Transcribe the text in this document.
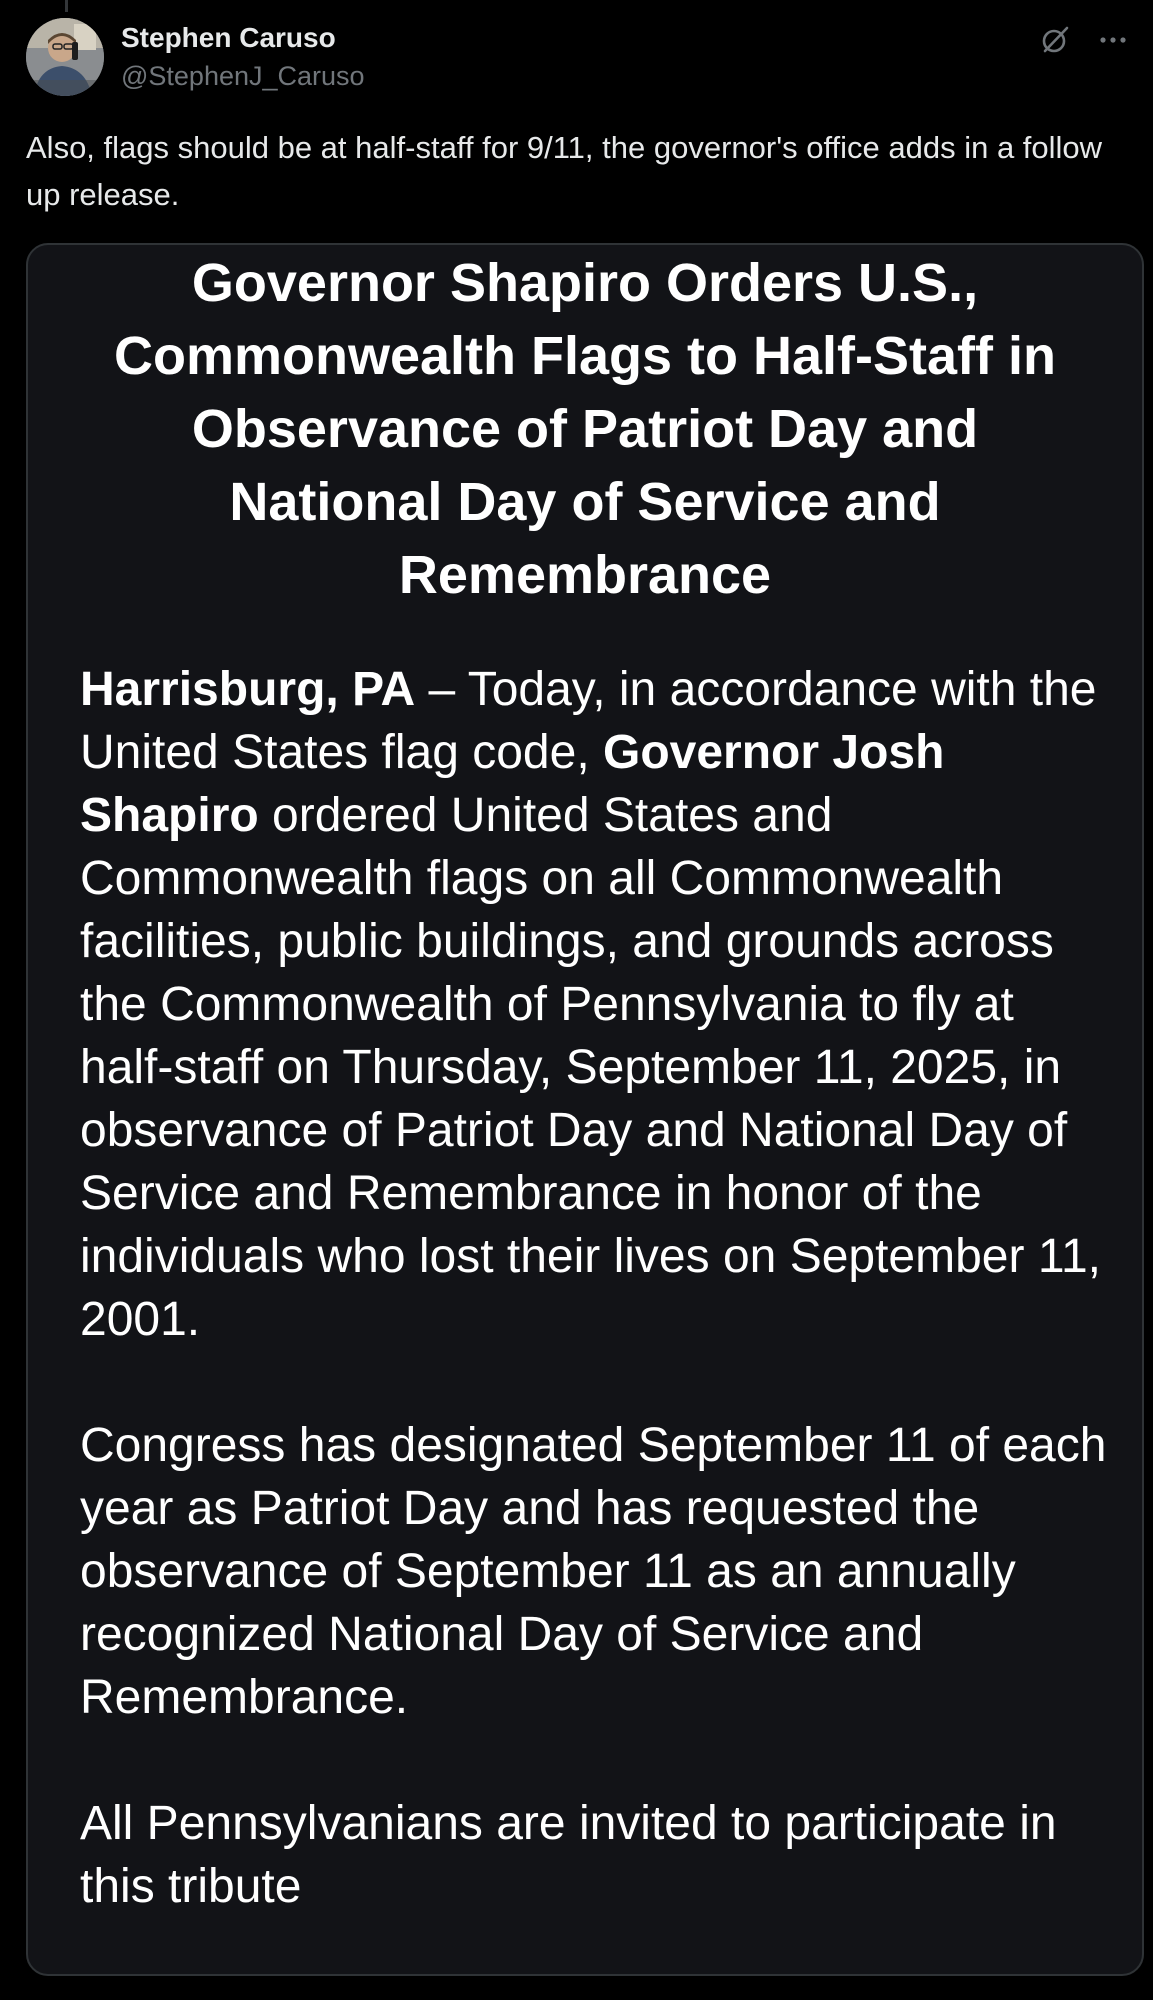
Stephen Caruso
@StephenJ_Caruso

Also, flags should be at half-staff for 9/11, the governor's office adds in a follow up release.

Governor Shapiro Orders U.S., Commonwealth Flags to Half-Staff in Observance of Patriot Day and National Day of Service and Remembrance

Harrisburg, PA – Today, in accordance with the United States flag code, Governor Josh Shapiro ordered United States and Commonwealth flags on all Commonwealth facilities, public buildings, and grounds across the Commonwealth of Pennsylvania to fly at half-staff on Thursday, September 11, 2025, in observance of Patriot Day and National Day of Service and Remembrance in honor of the individuals who lost their lives on September 11, 2001.

Congress has designated September 11 of each year as Patriot Day and has requested the observance of September 11 as an annually recognized National Day of Service and Remembrance.

All Pennsylvanians are invited to participate in this tribute
